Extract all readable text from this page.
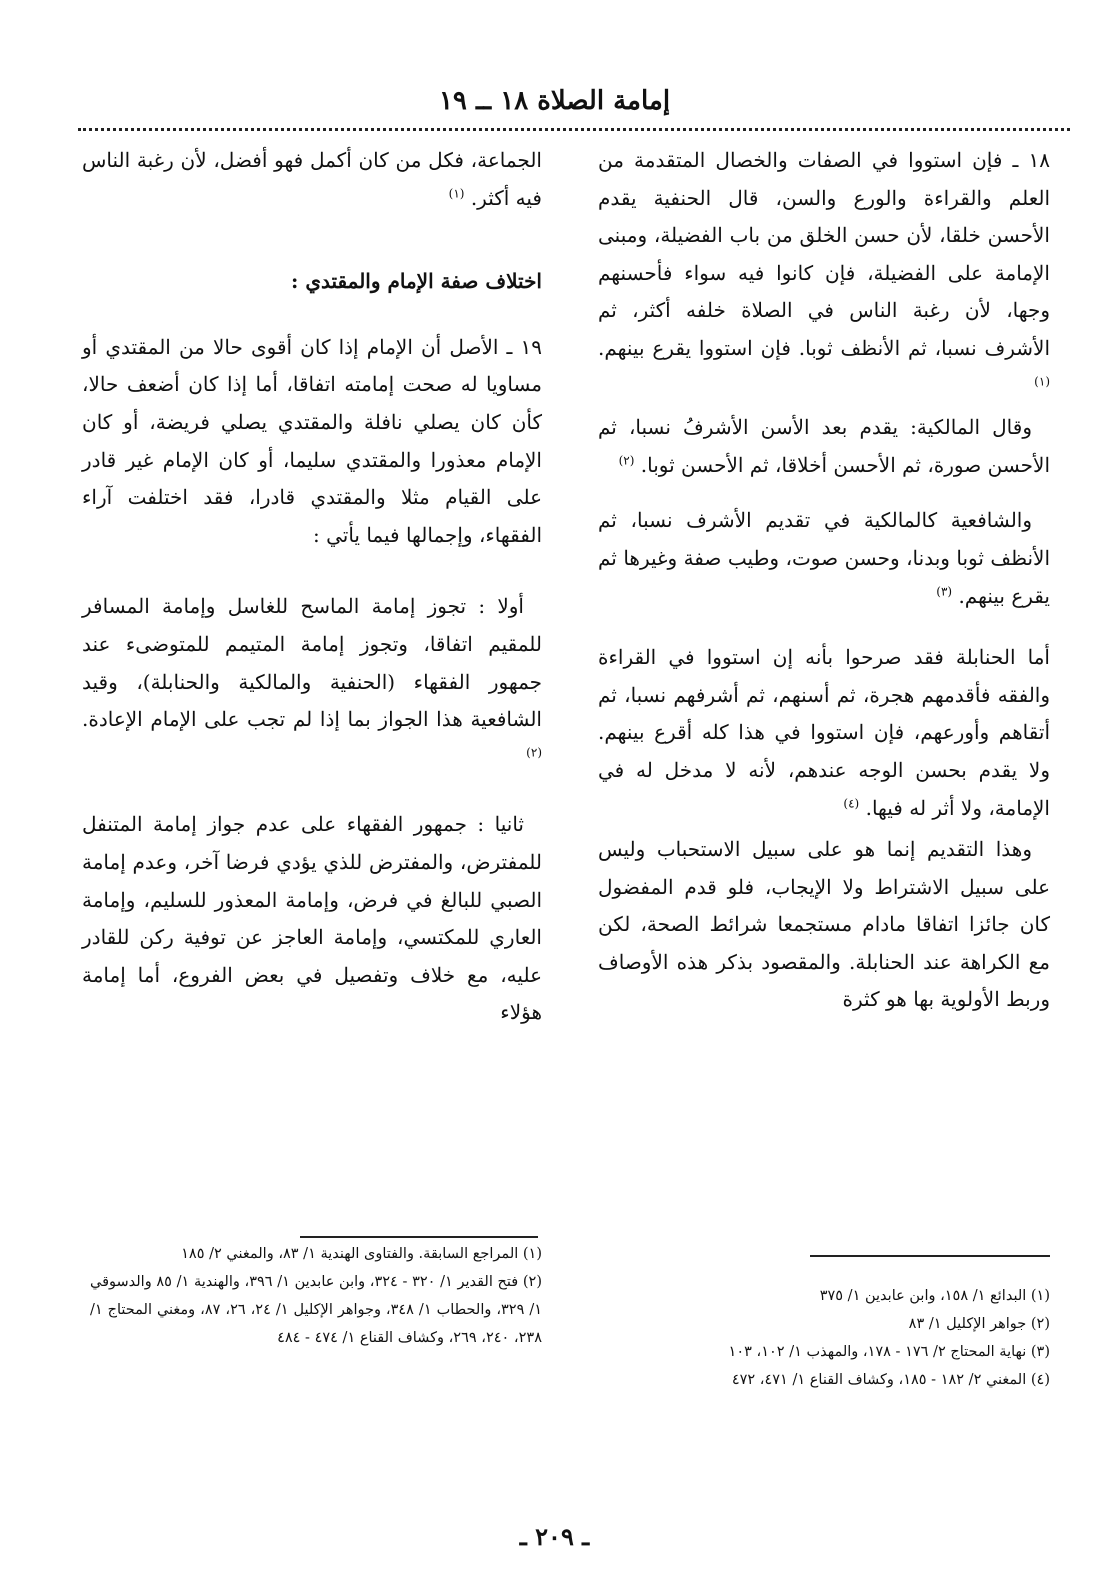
إمامة الصلاة ١٨ ــ ١٩

١٨ ـ فإن استووا في الصفات والخصال المتقدمة من العلم والقراءة والورع والسن، قال الحنفية يقدم الأحسن خلقا، لأن حسن الخلق من باب الفضيلة، ومبنى الإمامة على الفضيلة، فإن كانوا فيه سواء فأحسنهم وجها، لأن رغبة الناس في الصلاة خلفه أكثر، ثم الأشرف نسبا، ثم الأنظف ثوبا. فإن استووا يقرع بينهم. $^{(١)}$

وقال المالكية: يقدم بعد الأسن الأشرفُ نسبا، ثم الأحسن صورة، ثم الأحسن أخلاقا، ثم الأحسن ثوبا. $^{(٢)}$

والشافعية كالمالكية في تقديم الأشرف نسبا، ثم الأنظف ثوبا وبدنا، وحسن صوت، وطيب صفة وغيرها ثم يقرع بينهم. $^{(٣)}$

أما الحنابلة فقد صرحوا بأنه إن استووا في القراءة والفقه فأقدمهم هجرة، ثم أسنهم، ثم أشرفهم نسبا، ثم أتقاهم وأورعهم، فإن استووا في هذا كله أقرع بينهم. ولا يقدم بحسن الوجه عندهم، لأنه لا مدخل له في الإمامة، ولا أثر له فيها. $^{(٤)}$

وهذا التقديم إنما هو على سبيل الاستحباب وليس على سبيل الاشتراط ولا الإيجاب، فلو قدم المفضول كان جائزا اتفاقا مادام مستجمعا شرائط الصحة، لكن مع الكراهة عند الحنابلة. والمقصود بذكر هذه الأوصاف وربط الأولوية بها هو كثرة

الجماعة، فكل من كان أكمل فهو أفضل، لأن رغبة الناس فيه أكثر. $^{(١)}$

اختلاف صفة الإمام والمقتدي :

١٩ ـ الأصل أن الإمام إذا كان أقوى حالا من المقتدي أو مساويا له صحت إمامته اتفاقا، أما إذا كان أضعف حالا، كأن كان يصلي نافلة والمقتدي يصلي فريضة، أو كان الإمام معذورا والمقتدي سليما، أو كان الإمام غير قادر على القيام مثلا والمقتدي قادرا، فقد اختلفت آراء الفقهاء، وإجمالها فيما يأتي :

أولا : تجوز إمامة الماسح للغاسل وإمامة المسافر للمقيم اتفاقا، وتجوز إمامة المتيمم للمتوضىء عند جمهور الفقهاء (الحنفية والمالكية والحنابلة)، وقيد الشافعية هذا الجواز بما إذا لم تجب على الإمام الإعادة. $^{(٢)}$

ثانيا : جمهور الفقهاء على عدم جواز إمامة المتنفل للمفترض، والمفترض للذي يؤدي فرضا آخر، وعدم إمامة الصبي للبالغ في فرض، وإمامة المعذور للسليم، وإمامة العاري للمكتسي، وإمامة العاجز عن توفية ركن للقادر عليه، مع خلاف وتفصيل في بعض الفروع، أما إمامة هؤلاء

(١) البدائع ١/ ١٥٨، وابن عابدين ١/ ٣٧٥

(٢) جواهر الإكليل ١/ ٨٣

(٣) نهاية المحتاج ٢/ ١٧٦ - ١٧٨، والمهذب ١/ ١٠٢، ١٠٣

(٤) المغني ٢/ ١٨٢ - ١٨٥، وكشاف القناع ١/ ٤٧١، ٤٧٢

(١) المراجع السابقة. والفتاوى الهندية ١/ ٨٣، والمغني ٢/ ١٨٥

(٢) فتح القدير ١/ ٣٢٠ - ٣٢٤، وابن عابدين ١/ ٣٩٦، والهندية ١/ ٨٥ والدسوقي ١/ ٣٢٩، والحطاب ١/ ٣٤٨، وجواهر الإكليل ١/ ٢٤، ٢٦، ٨٧، ومغني المحتاج ١/ ٢٣٨، ٢٤٠، ٢٦٩، وكشاف القناع ١/ ٤٧٤ - ٤٨٤

ـ ٢٠٩ ـ
